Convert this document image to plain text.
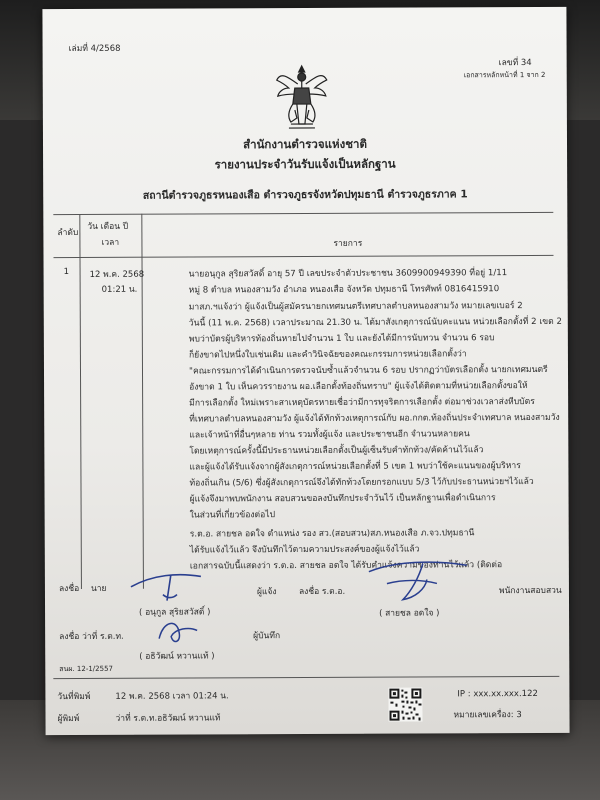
เล่มที่ 4/2568
เลขที่ 34
เอกสารหลักหน้าที่ 1 จาก 2
สำนักงานตำรวจแห่งชาติ
รายงานประจำวันรับแจ้งเป็นหลักฐาน
สถานีตำรวจภูธรหนองเสือ ตำรวจภูธรจังหวัดปทุมธานี ตำรวจภูธรภาค 1
ลำดับ
วัน เดือน ปี
เวลา	รายการ
1 12 พ.ค. 2568
01:21 น.
นายอนุกูล สุริยสวัสดิ์ อายุ 57 ปี เลขประจำตัวประชาชน 3609900949390 ที่อยู่ 1/11
หมู่ 8 ตำบล หนองสามวัง อำเภอ หนองเสือ จังหวัด ปทุมธานี โทรศัพท์ 0816415910
มาสภ.ฯแจ้งว่า ผู้แจ้งเป็นผู้สมัครนายกเทศมนตรีเทศบาลตำบลหนองสามวัง หมายเลขเบอร์ 2
วันนี้ (11 พ.ค. 2568) เวลาประมาณ 21.30 น. ได้มาสังเกตุการณ์นับคะแนน หน่วยเลือกตั้งที่ 2 เขต 2
พบว่าบัตรผู้บริหารท้องถิ่นหายไปจำนวน 1 ใบ และยังได้มีการนับทวน จำนวน 6 รอบ
ก็ยังขาดไปหนึ่งใบเช่นเดิม และคำวินิจฉัยของคณะกรรมการหน่วยเลือกตั้งว่า
"คณะกรรมการได้ดำเนินการตรวจนับซ้ำแล้วจำนวน 6 รอบ ปรากฏว่าบัตรเลือกตั้ง นายกเทศมนตรี
อังขาด 1 ใบ เห็นควรรายงาน ผอ.เลือกตั้งท้องถิ่นทราบ" ผู้แจ้งได้ติดตามที่หน่วยเลือกตั้งขอให้
มีการเลือกตั้ง ใหม่เพราะสาเหตุบัตรหายเชื่อว่ามีการทุจริตการเลือกตั้ง ต่อมาช่วงเวลาส่งหีบบัตร
ที่เทศบาลตำบลหนองสามวัง ผู้แจ้งได้ทักท้วงเหตุการณ์กับ ผอ.กกต.ท้องถิ่นประจำเทศบาล หนองสามวัง
และเจ้าหน้าที่อื่นๆหลาย ท่าน รวมทั้งผู้แจ้ง และประชาชนอีก จำนวนหลายคน
โดยเหตุการณ์ครั้งนี้มีประธานหน่วยเลือกตั้งเป็นผู้เซ็นรับคำทักท้วง/คัดค้านไว้แล้ว
และผู้แจ้งได้รับแจ้งจากผู้สังเกตุการณ์หน่วยเลือกตั้งที่ 5 เขต 1 พบว่าใช้คะแนนของผู้บริหาร
ท้องถิ่นเกิน (5/6) ซึ่งผู้สังเกตุการณ์จึงได้ทักท้วงโดยกรอกแบบ 5/3 ไว้กับประธานหน่วยฯไว้แล้ว
ผู้แจ้งจึงมาพบพนักงาน สอบสวนขอลงบันทึกประจำวันไว้ เป็นหลักฐานเพื่อดำเนินการ
ในส่วนที่เกี่ยวข้องต่อไป
ร.ต.อ. สายชล อดใจ ตำแหน่ง รอง สว.(สอบสวน)สภ.หนองเสือ ภ.จว.ปทุมธานี
ได้รับแจ้งไว้แล้ว จึงบันทึกไว้ตามความประสงค์ของผู้แจ้งไว้แล้ว
เอกสารฉบับนี้แสดงว่า ร.ต.อ. สายชล อดใจ ได้รับคำแจ้งความของท่านไว้แล้ว (ติดต่อ
ลงชื่อ นาย	ผู้แจ้ง	ลงชื่อ ร.ต.อ.	พนักงานสอบสวน
( อนุกูล สุริยสวัสดิ์ )	( สายชล อดใจ )
ลงชื่อ ว่าที่ ร.ต.ท.	ผู้บันทึก
( อธิวัฒน์ หวานแท้ )
สนผ. 12-1/2557
วันที่พิมพ์	12 พ.ค. 2568 เวลา 01:24 น.
ผู้พิมพ์	ว่าที่ ร.ต.ท.อธิวัฒน์ หวานแท้
IP : xxx.xx.xxx.122
หมายเลขเครื่อง: 3
